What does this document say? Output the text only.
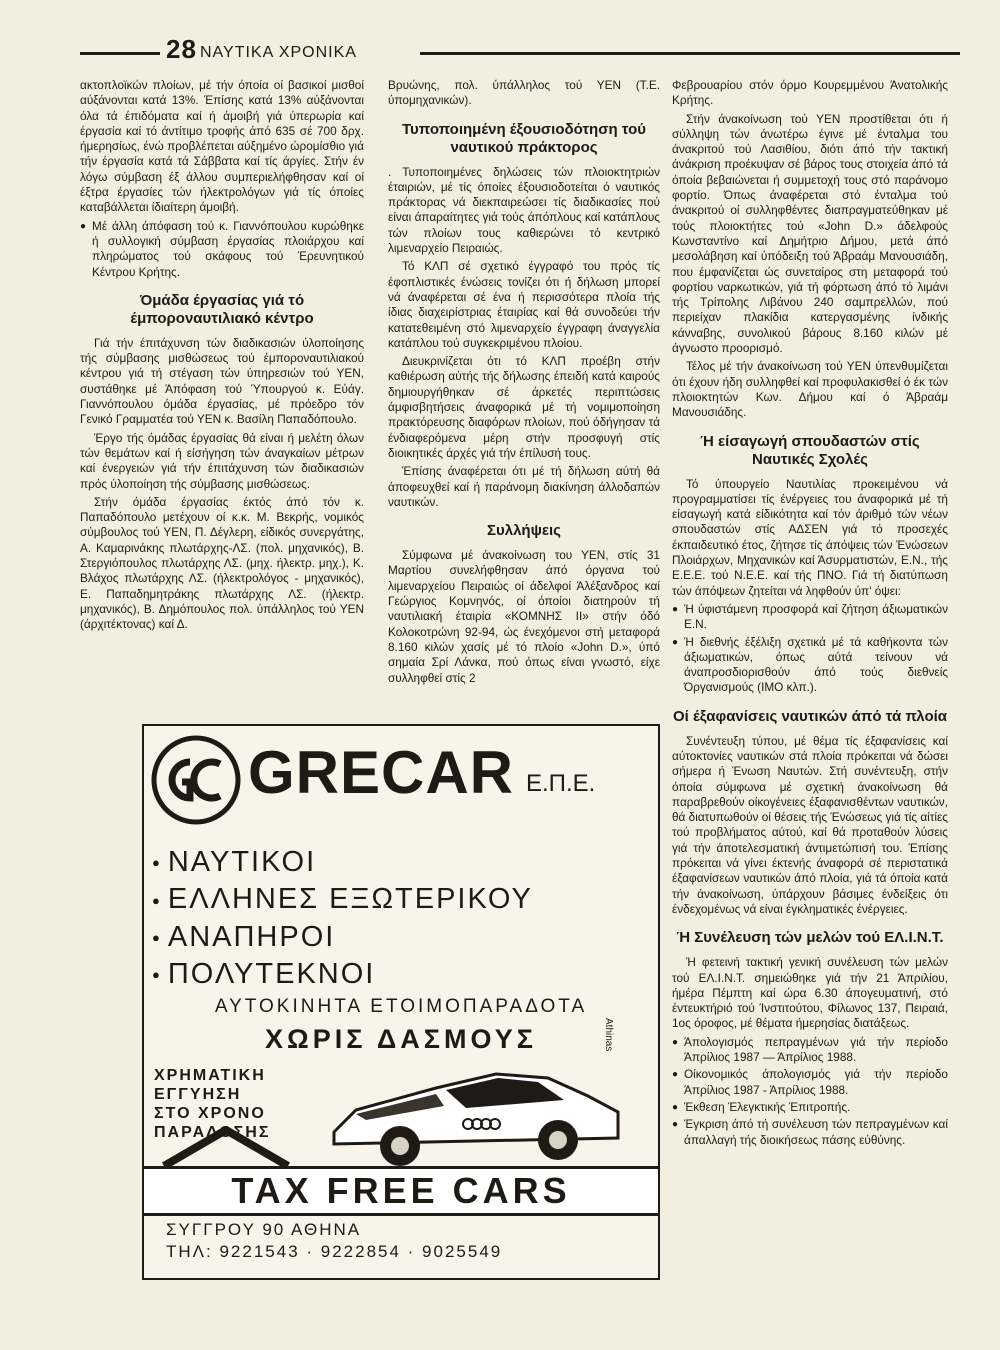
28 ΝΑΥΤΙΚΑ ΧΡΟΝΙΚΑ

ακτοπλοϊκών πλοίων, μέ τήν όποία οί βασικοί μισθοί αύξάνονται κατά 13%. Έπίσης κατά 13% αύξάνονται όλα τά έπιδόματα καί ή άμοιβή γιά ύπερωρία καί έργασία καί τό άντίτιμο τροφής άπό 635 σέ 700 δρχ. ήμερησίως, ένώ προβλέπεται αύξημένο ώρομίσθιο γιά τήν έργασία κατά τά Σάββατα καί τίς άργίες. Στήν έν λόγω σύμβαση έξ άλλου συμπεριελήφθησαν καί οί έξτρα έργασίες τών ήλεκτρολόγων γιά τίς όποίες καταβάλλεται ίδιαίτερη άμοιβή.

● Μέ άλλη άπόφαση τού κ. Γιαννόπουλου κυρώθηκε ή συλλογική σύμβαση έργασίας πλοιάρχου καί πληρώματος τού σκάφους τού Έρευνητικού Κέντρου Κρήτης.
Όμάδα έργασίας γιά τό έμποροναυτιλιακό κέντρο

Γιά τήν έπιτάχυνση τών διαδικασιών ύλοποίησης τής σύμβασης μισθώσεως τού έμποροναυτιλιακού κέντρου γιά τή στέγαση τών ύπηρεσιών τού ΥΕΝ, συστάθηκε μέ Άπόφαση τού Ύπουργού κ. Εύάγ. Γιαννόπουλου όμάδα έργασίας, μέ πρόεδρο τόν Γενικό Γραμματέα τού ΥΕΝ κ. Βασίλη Παπαδόπουλο.

Έργο τής όμάδας έργασίας θά είναι ή μελέτη όλων τών θεμάτων καί ή είσήγηση τών άναγκαίων μέτρων καί ένεργειών γιά τήν έπιτάχυνση τών διαδικασιών πρός ύλοποίηση τής σύμβασης μισθώσεως.

Στήν όμάδα έργασίας έκτός άπό τόν κ. Παπαδόπουλο μετέχουν οί κ.κ. Μ. Βεκρής, νομικός σύμβουλος τού ΥΕΝ, Π. Δέγλερη, είδικός συνεργάτης, Α. Καμαρινάκης πλωτάρχης-ΛΣ. (πολ. μηχανικός), Β. Στεργιόπουλος πλωτάρχης ΛΣ. (μηχ. ήλεκτρ. μηχ.), Κ. Βλάχος πλωτάρχης ΛΣ. (ήλεκτρολόγος - μηχανικός), Ε. Παπαδημητράκης πλωτάρχης ΛΣ. (ήλεκτρ. μηχανικός), Β. Δημόπουλος πολ. ύπάλληλος τού ΥΕΝ (άρχιτέκτονας) καί Δ.

Βρυώνης, πολ. ύπάλληλος τού ΥΕΝ (Τ.Ε. ύπομηχανικών).

Τυποποιημένη έξουσιοδότηση τού ναυτικού πράκτορος

. Τυποποιημένες δηλώσεις τών πλοιοκτητριών έταιριών, μέ τίς όποίες έξουσιοδοτείται ό ναυτικός πράκτορας νά διεκπαιρεώσει τίς διαδικασίες πού είναι άπαραίτητες γιά τούς άπόπλους καί κατάπλους τών πλοίων τους καθιερώνει τό κεντρικό λιμεναρχείο Πειραιώς.

Τό ΚΛΠ σέ σχετικό έγγραφό του πρός τίς έφοπλιστικές ένώσεις τονίζει ότι ή δήλωση μπορεί νά άναφέρεται σέ ένα ή περισσότερα πλοία τής ίδιας διαχειρίστριας έταιρίας καί θά συνοδεύει τήν κατατεθειμένη στό λιμεναρχείο έγγραφη άναγγελία κατάπλου τού συγκεκριμένου πλοίου.

Διευκρινίζεται ότι τό ΚΛΠ προέβη στήν καθιέρωση αύτής τής δήλωσης έπειδή κατά καιρούς δημιουργήθηκαν σέ άρκετές περιπτώσεις άμφισβητήσεις άναφορικά μέ τή νομιμοποίηση πρακτόρευσης διαφόρων πλοίων, πού όδήγησαν τά ένδιαφερόμενα μέρη στήν προσφυγή στίς διοικητικές άρχές γιά τήν έπίλυσή τους.

Έπίσης άναφέρεται ότι μέ τή δήλωση αύτή θά άποφευχθεί καί ή παράνομη διακίνηση άλλοδαπών ναυτικών.

Συλλήψεις

Σύμφωνα μέ άνακοίνωση του ΥΕΝ, στίς 31 Μαρτίου συνελήφθησαν άπό όργανα τού λιμεναρχείου Πειραιώς οί άδελφοί Άλέξανδρος καί Γεώργιος Κομνηνός, οί όποίοι διατηρούν τή ναυτιλιακή έταιρία «ΚΟΜΝΗΣ ΙΙ» στήν όδό Κολοκοτρώνη 92-94, ώς ένεχόμενοι στή μεταφορά 8.160 κιλών χασίς μέ τό πλοίο «John D.», ύπό σημαία Σρί Λάνκα, πού όπως είναι γνωστό, είχε συλληφθεί στίς 2

Φεβρουαρίου στόν όρμο Κουρεμμένου Άνατολικής Κρήτης.

Στήν άνακοίνωση τού ΥΕΝ προστίθεται ότι ή σύλληψη τών άνωτέρω έγινε μέ ένταλμα του άνακριτού τού Λασιθίου, διότι άπό τήν τακτική άνάκριση προέκυψαν σέ βάρος τους στοιχεία άπό τά όποία βεβαιώνεται ή συμμετοχή τους στό παράνομο φορτίο. Όπως άναφέρεται στό ένταλμα τού άνακριτού οί συλληφθέντες διαπραγματεύθηκαν μέ τούς πλοιοκτήτες τού «John D.» άδελφούς Κωνσταντίνο καί Δημήτριο Δήμου, μετά άπό μεσολάβηση καί ύπόδειξη τού Άβραάμ Μανουσιάδη, που έμφανίζεται ώς συνεταίρος στη μεταφορά τού φορτίου ναρκωτικών, γιά τή φόρτωση άπό τό λιμάνι τής Τρίπολης Λιβάνου 240 σαμπρελλών, πού περιείχαν πλακίδια κατεργασμένης ίνδικής κάνναβης, συνολικού βάρους 8.160 κιλών μέ άγνωστο προορισμό.

Τέλος μέ τήν άνακοίνωση τού ΥΕΝ ύπενθυμίζεται ότι έχουν ήδη συλληφθεί καί προφυλακισθεί ό έκ τών πλοιοκτητών Κων. Δήμου καί ό Άβραάμ Μανουσιάδης.

Ή είσαγωγή σπουδαστών στίς Ναυτικές Σχολές

Τό ύπουργείο Ναυτιλίας προκειμένου νά προγραμματίσει τίς ένέργειες του άναφορικά μέ τή είσαγωγή κατά είδικότητα καί τόν άριθμό τών νέων σπουδαστών στίς ΑΔΣΕΝ γιά τό προσεχές έκπαιδευτικό έτος, ζήτησε τίς άπόψεις τών Ένώσεων Πλοιάρχων, Μηχανικών καί Άσυρματιστών, Ε.Ν., τής Ε.Ε.Ε. τού Ν.Ε.Ε. καί τής ΠΝΟ. Γιά τή διατύπωση τών άπόψεων ζητείται νά ληφθούν ύπ' όψει:

● Ή ύφιστάμενη προσφορά καί ζήτηση άξιωματικών Ε.Ν.
● Ή διεθνής έξέλιξη σχετικά μέ τά καθήκοντα τών άξιωματικών, όπως αύτά τείνουν νά άναπροσδιορισθούν άπό τούς διεθνείς Όργανισμούς (ΙΜΟ κλπ.).
Οί έξαφανίσεις ναυτικών άπό τά πλοία

Συνέντευξη τύπου, μέ θέμα τίς έξαφανίσεις καί αύτοκτονίες ναυτικών στά πλοία πρόκειται νά δώσει σήμερα ή Ένωση Ναυτών. Στή συνέντευξη, στήν όποία σύμφωνα μέ σχετική άνακοίνωση θά παραβρεθούν οίκογένειες έξαφανισθέντων ναυτικών, θά διατυπωθούν οί θέσεις τής Ένώσεως γιά τίς αίτίες τού προβλήματος αύτού, καί θά προταθούν λύσεις γιά τήν άποτελεσματική άντιμετώπισή του. Έπίσης πρόκειται νά γίνει έκτενής άναφορά σέ περιστατικά έξαφανίσεων ναυτικών άπό πλοία, γιά τά όποία κατά τήν άνακοίνωση, ύπάρχουν βάσιμες ένδείξεις ότι ένδεχομένως νά είναι έγκληματικές ένέργειες.

Ή Συνέλευση τών μελών τού ΕΛ.Ι.Ν.Τ.

Ή φετεινή τακτική γενική συνέλευση τών μελών τού ΕΛ.Ι.Ν.Τ. σημειώθηκε γιά τήν 21 Άπριλίου, ήμέρα Πέμπτη καί ώρα 6.30 άπογευματινή, στό έντευκτήριό τού Ίνστιτούτου, Φίλωνος 137, Πειραιά, 1ος όροφος, μέ θέματα ήμερησίας διατάξεως.

● Άπολογισμός πεπραγμένων γιά τήν περίοδο Άπρίλιος 1987 — Άπρίλιος 1988.
● Οίκονομικός άπολογισμός γιά τήν περίοδο Άπρίλιος 1987 - Άπρίλιος 1988.
● Έκθεση Έλεγκτικής Έπιτροπής.
● Έγκριση άπό τή συνέλευση τών πεπραγμένων καί άπαλλαγή τής διοικήσεως πάσης εύθύνης.
GRECAR Ε.Π.Ε.
● ΝΑΥΤΙΚΟΙ
● ΕΛΛΗΝΕΣ ΕΞΩΤΕΡΙΚΟΥ
● ΑΝΑΠΗΡΟΙ
● ΠΟΛΥΤΕΚΝΟΙ
ΑΥΤΟΚΙΝΗΤΑ ΕΤΟΙΜΟΠΑΡΑΔΟΤΑ
ΧΩΡΙΣ ΔΑΣΜΟΥΣ
ΧΡΗΜΑΤΙΚΗ
ΕΓΓΥΗΣΗ
ΣΤΟ ΧΡΟΝΟ
ΠΑΡΑΔΟΣΗΣ
Athinas
TAX FREE CARS
ΣΥΓΓΡΟΥ 90 ΑΘΗΝΑ
ΤΗΛ: 9221543 · 9222854 · 9025549
